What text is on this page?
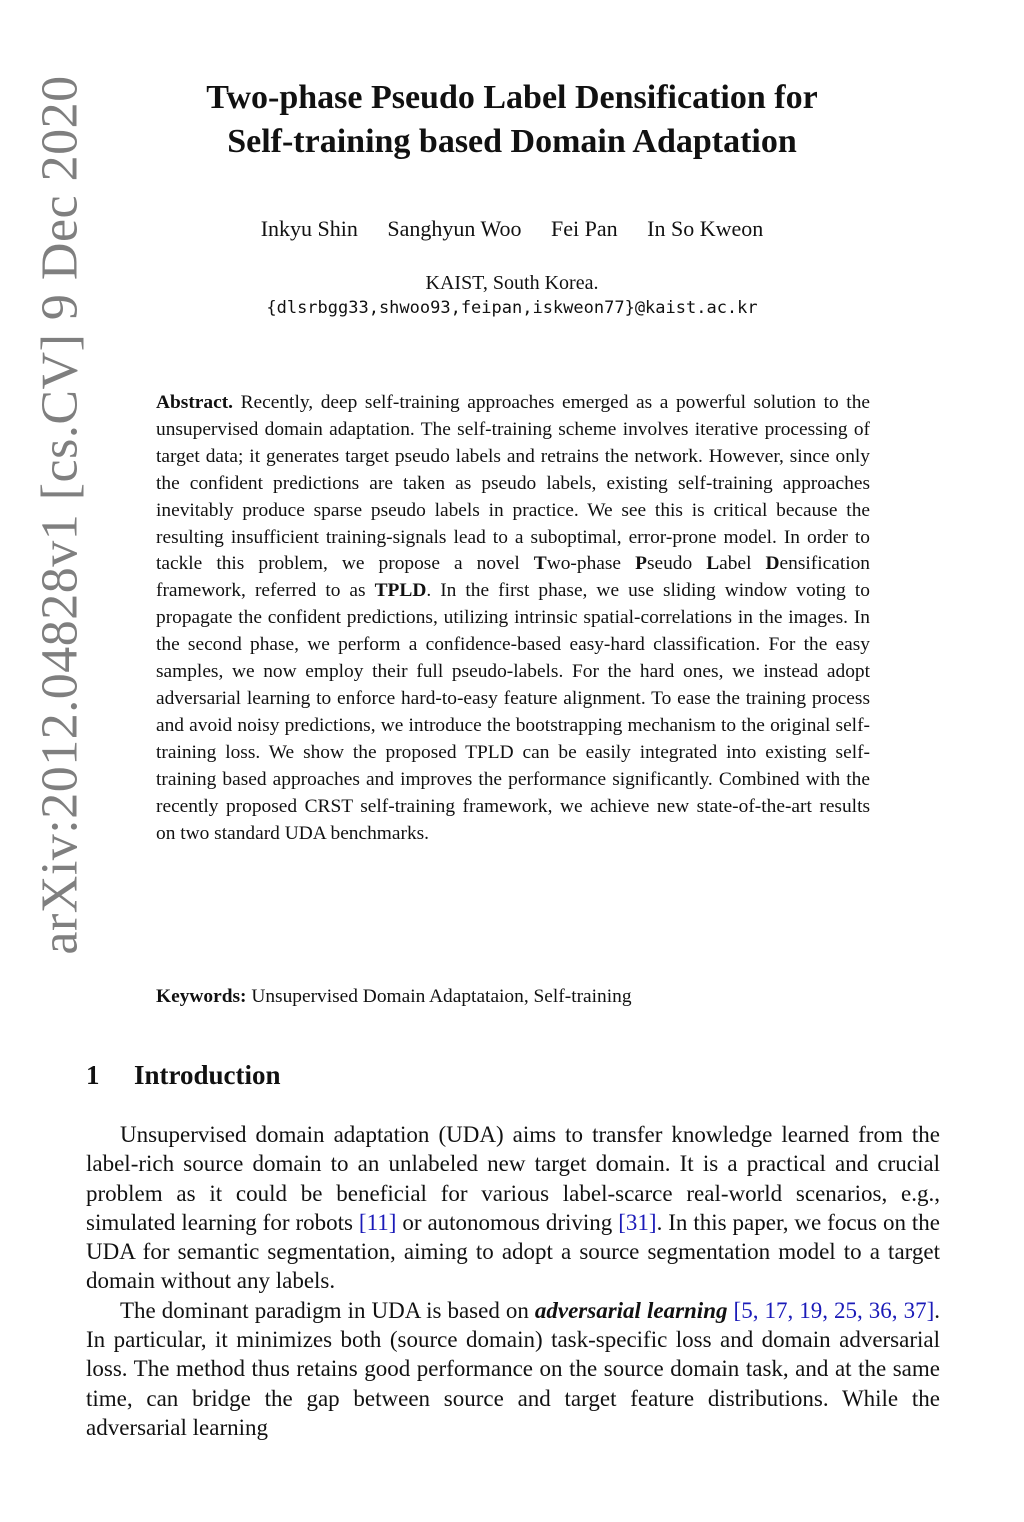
arXiv:2012.04828v1 [cs.CV] 9 Dec 2020	Two-phase Pseudo Label Densification for
Self-training based Domain Adaptation
Inkyu Shin Sanghyun Woo Fei Pan In So Kweon
KAIST, South Korea.
{dlsrbgg33,shwoo93,feipan,iskweon77}@kaist.ac.kr
Abstract. Recently, deep self-training approaches emerged as a powerful solution to the unsupervised domain adaptation. The self-training scheme involves iterative processing of target data; it generates target pseudo labels and retrains the network. However, since only the confident predictions are taken as pseudo labels, existing self-training approaches inevitably produce sparse pseudo labels in practice. We see this is critical because the resulting insufficient training-signals lead to a suboptimal, error-prone model. In order to tackle this problem, we propose a novel Two-phase Pseudo Label Densification framework, referred to as TPLD. In the first phase, we use sliding window voting to propagate the confident predictions, utilizing intrinsic spatial-correlations in the images. In the second phase, we perform a confidence-based easy-hard classification. For the easy samples, we now employ their full pseudo-labels. For the hard ones, we instead adopt adversarial learning to enforce hard-to-easy feature alignment. To ease the training process and avoid noisy predictions, we introduce the bootstrapping mechanism to the original self-training loss. We show the proposed TPLD can be easily integrated into existing self-training based approaches and improves the performance significantly. Combined with the recently proposed CRST self-training framework, we achieve new state-of-the-art results on two standard UDA benchmarks.
Keywords: Unsupervised Domain Adaptataion, Self-training
1 Introduction

Unsupervised domain adaptation (UDA) aims to transfer knowledge learned from the label-rich source domain to an unlabeled new target domain. It is a practical and crucial problem as it could be beneficial for various label-scarce real-world scenarios, e.g., simulated learning for robots [11] or autonomous driving [31]. In this paper, we focus on the UDA for semantic segmentation, aiming to adopt a source segmentation model to a target domain without any labels.

The dominant paradigm in UDA is based on adversarial learning [5, 17, 19, 25, 36, 37]. In particular, it minimizes both (source domain) task-specific loss and domain adversarial loss. The method thus retains good performance on the source domain task, and at the same time, can bridge the gap between source and target feature distributions. While the adversarial learning
